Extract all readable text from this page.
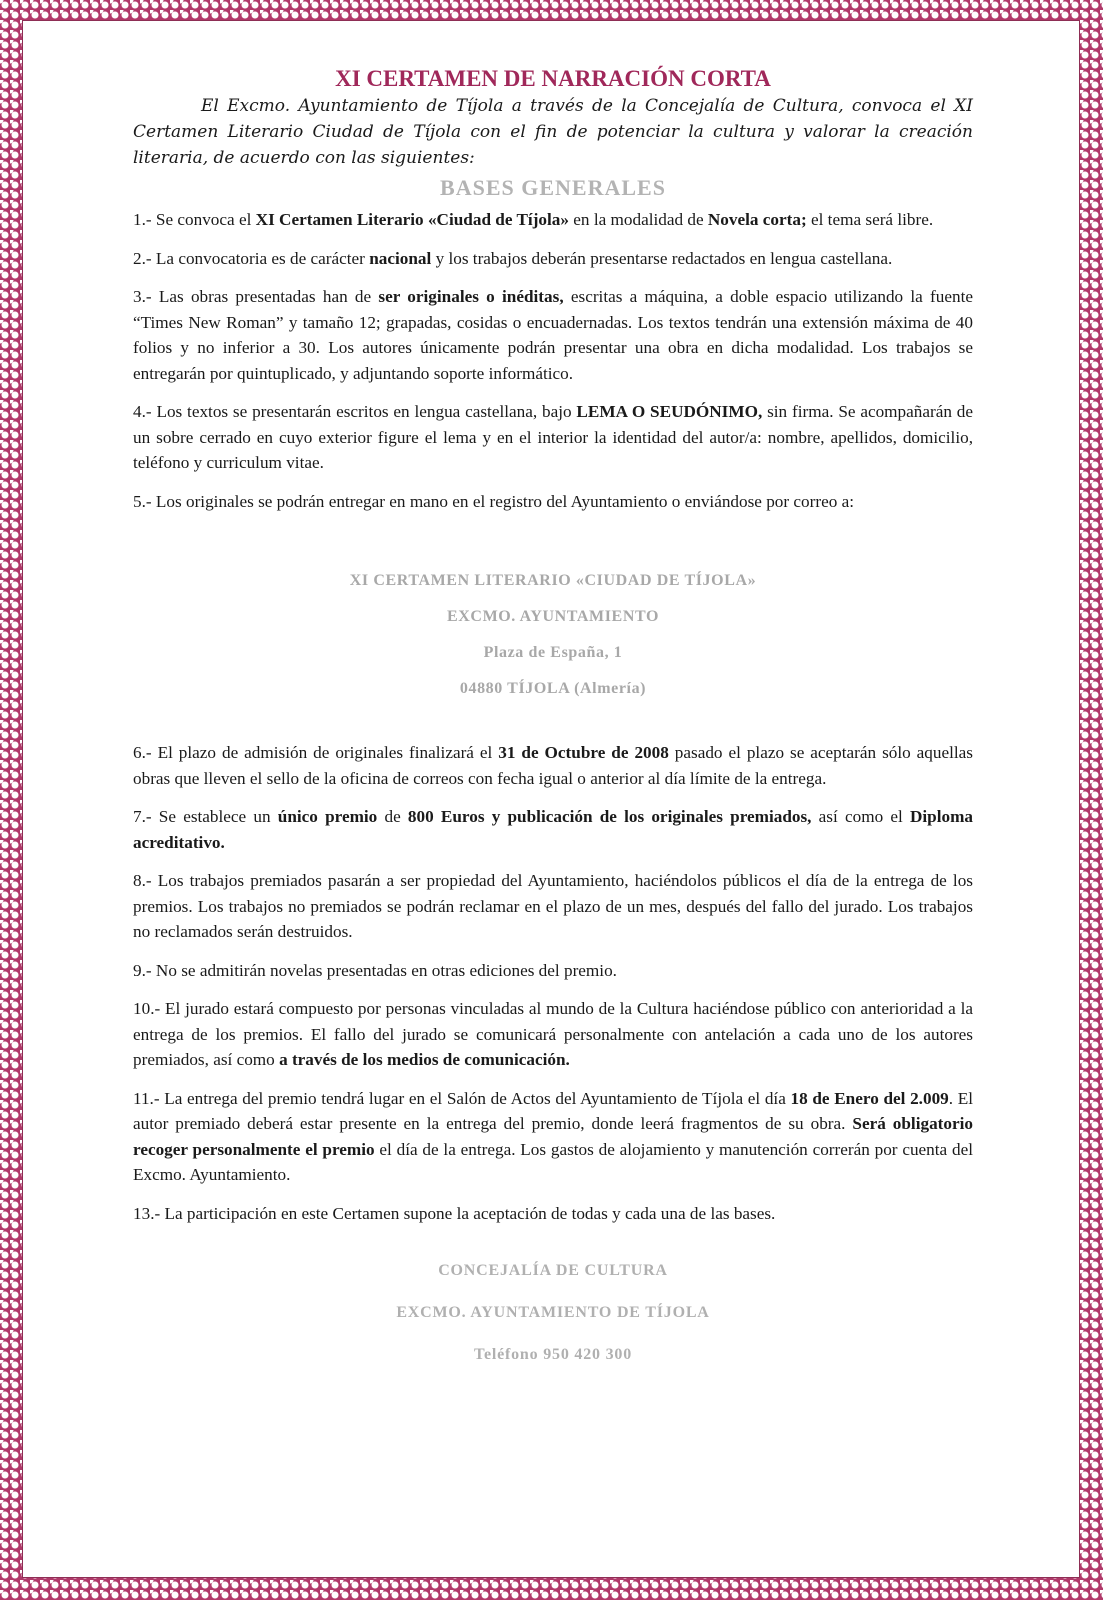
XI CERTAMEN DE NARRACIÓN CORTA

El Excmo. Ayuntamiento de Tíjola a través de la Concejalía de Cultura, convoca el XI Certamen Literario Ciudad de Tíjola con el fin de potenciar la cultura y valorar la creación literaria, de acuerdo con las siguientes:

BASES GENERALES

1.- Se convoca el XI Certamen Literario «Ciudad de Tíjola» en la modalidad de Novela corta; el tema será libre.

2.- La convocatoria es de carácter nacional y los trabajos deberán presentarse redactados en lengua castellana.

3.- Las obras presentadas han de ser originales o inéditas, escritas a máquina, a doble espacio utilizando la fuente “Times New Roman” y tamaño 12; grapadas, cosidas o encuadernadas. Los textos tendrán una extensión máxima de 40 folios y no inferior a 30. Los autores únicamente podrán presentar una obra en dicha modalidad. Los trabajos se entregarán por quintuplicado, y adjuntando soporte informático.

4.- Los textos se presentarán escritos en lengua castellana, bajo LEMA O SEUDÓNIMO, sin firma. Se acompañarán de un sobre cerrado en cuyo exterior figure el lema y en el interior la identidad del autor/a: nombre, apellidos, domicilio, teléfono y curriculum vitae.

5.- Los originales se podrán entregar en mano en el registro del Ayuntamiento o enviándose por correo a:

XI CERTAMEN LITERARIO «CIUDAD DE TÍJOLA»

EXCMO. AYUNTAMIENTO

Plaza de España, 1

04880 TÍJOLA (Almería)

6.- El plazo de admisión de originales finalizará el 31 de Octubre de 2008 pasado el plazo se aceptarán sólo aquellas obras que lleven el sello de la oficina de correos con fecha igual o anterior al día límite de la entrega.

7.- Se establece un único premio de 800 Euros y publicación de los originales premiados, así como el Diploma acreditativo.

8.- Los trabajos premiados pasarán a ser propiedad del Ayuntamiento, haciéndolos públicos el día de la entrega de los premios. Los trabajos no premiados se podrán reclamar en el plazo de un mes, después del fallo del jurado. Los trabajos no reclamados serán destruidos.

9.- No se admitirán novelas presentadas en otras ediciones del premio.

10.- El jurado estará compuesto por personas vinculadas al mundo de la Cultura haciéndose público con anterioridad a la entrega de los premios. El fallo del jurado se comunicará personalmente con antelación a cada uno de los autores premiados, así como a través de los medios de comunicación.

11.- La entrega del premio tendrá lugar en el Salón de Actos del Ayuntamiento de Tíjola el día 18 de Enero del 2.009. El autor premiado deberá estar presente en la entrega del premio, donde leerá fragmentos de su obra. Será obligatorio recoger personalmente el premio el día de la entrega. Los gastos de alojamiento y manutención correrán por cuenta del Excmo. Ayuntamiento.

13.- La participación en este Certamen supone la aceptación de todas y cada una de las bases.

CONCEJALÍA DE CULTURA

EXCMO. AYUNTAMIENTO DE TÍJOLA

Teléfono 950 420 300
